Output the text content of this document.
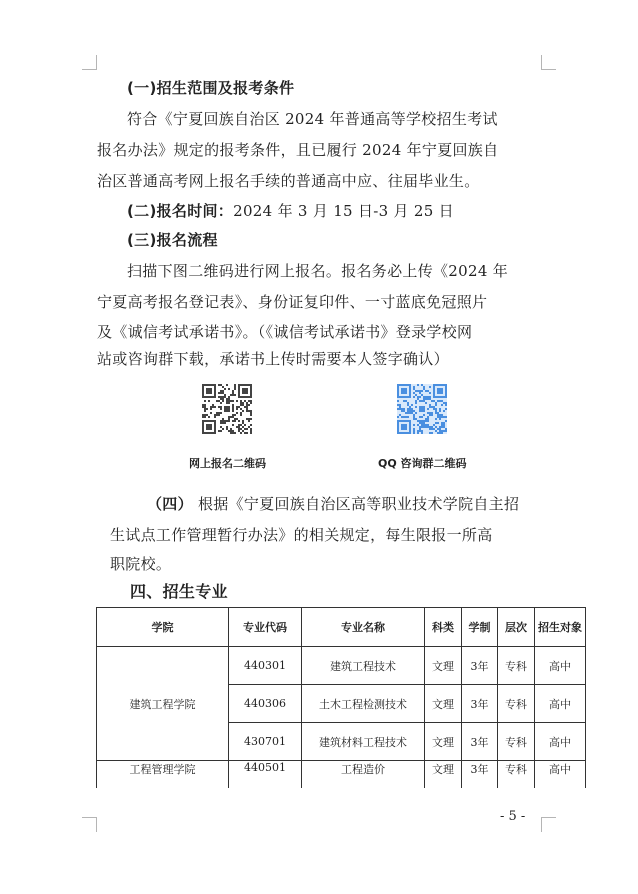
(一)招生范围及报考条件
符合《宁夏回族自治区 2024 年普通高等学校招生考试
报名办法》规定的报考条件，且已履行 2024 年宁夏回族自
治区普通高考网上报名手续的普通高中应、往届毕业生。
(二)报名时间：2024 年 3 月 15 日-3 月 25 日
(三)报名流程
扫描下图二维码进行网上报名。报名务必上传《2024 年
宁夏高考报名登记表》、身份证复印件、一寸蓝底免冠照片
及《诚信考试承诺书》。（《诚信考试承诺书》登录学校网
站或咨询群下载，承诺书上传时需要本人签字确认）
网上报名二维码	QQ 咨询群二维码
（四） 根据《宁夏回族自治区高等职业技术学院自主招
生试点工作管理暂行办法》的相关规定，每生限报一所高
职院校。
四、招生专业
学院	专业代码	专业名称	科类	学制	层次	招生对象
建筑工程学院	440301	建筑工程技术	文理	3年	专科	高中
	440306	土木工程检测技术	文理	3年	专科	高中
	430701	建筑材料工程技术	文理	3年	专科	高中
工程管理学院	440501	工程造价	文理	3年	专科	高中
- 5 -
